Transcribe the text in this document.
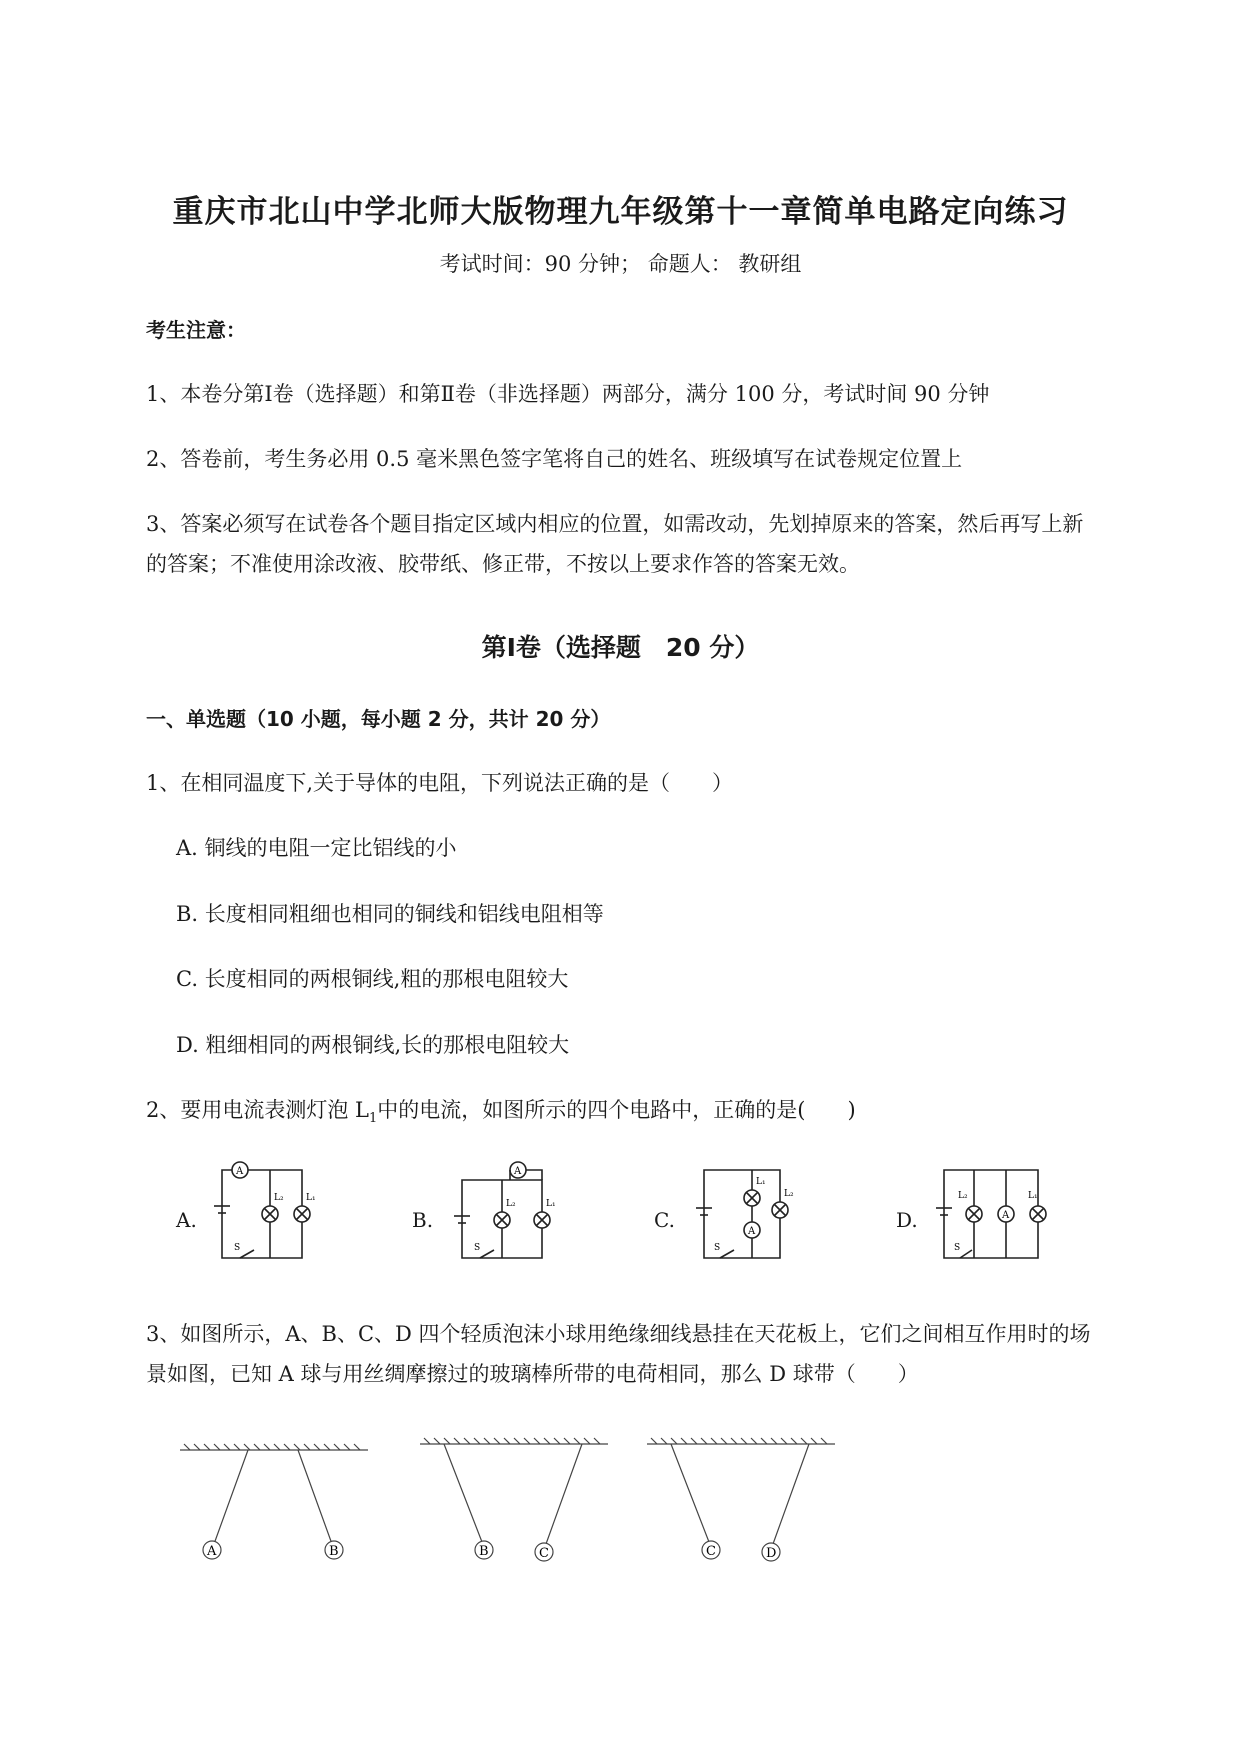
重庆市北山中学北师大版物理九年级第十一章简单电路定向练习
考试时间：90 分钟； 命题人： 教研组
考生注意：
1、本卷分第Ⅰ卷（选择题）和第Ⅱ卷（非选择题）两部分，满分 100 分，考试时间 90 分钟
2、答卷前，考生务必用 0.5 毫米黑色签字笔将自己的姓名、班级填写在试卷规定位置上
3、答案必须写在试卷各个题目指定区域内相应的位置，如需改动，先划掉原来的答案，然后再写上新
的答案；不准使用涂改液、胶带纸、修正带，不按以上要求作答的答案无效。
第Ⅰ卷（选择题　20 分）
一、单选题（10 小题，每小题 2 分，共计 20 分）
1、在相同温度下,关于导体的电阻，下列说法正确的是（　　）
A. 铜线的电阻一定比铝线的小
B. 长度相同粗细也相同的铜线和铝线电阻相等
C. 长度相同的两根铜线,粗的那根电阻较大
D. 粗细相同的两根铜线,长的那根电阻较大
2、要用电流表测灯泡 $L_1$中的电流，如图所示的四个电路中，正确的是(　　)
A.
A
L₂ L₁
S
B.
A
L₂	L₁
S
C.	A
L₁
L₂
S
D.	A
L₂	L₁
S
3、如图所示，A、B、C、D 四个轻质泡沫小球用绝缘细线悬挂在天花板上，它们之间相互作用时的场
景如图，已知 A 球与用丝绸摩擦过的玻璃棒所带的电荷相同，那么 D 球带（　　）
A	B	B	C	C	D
